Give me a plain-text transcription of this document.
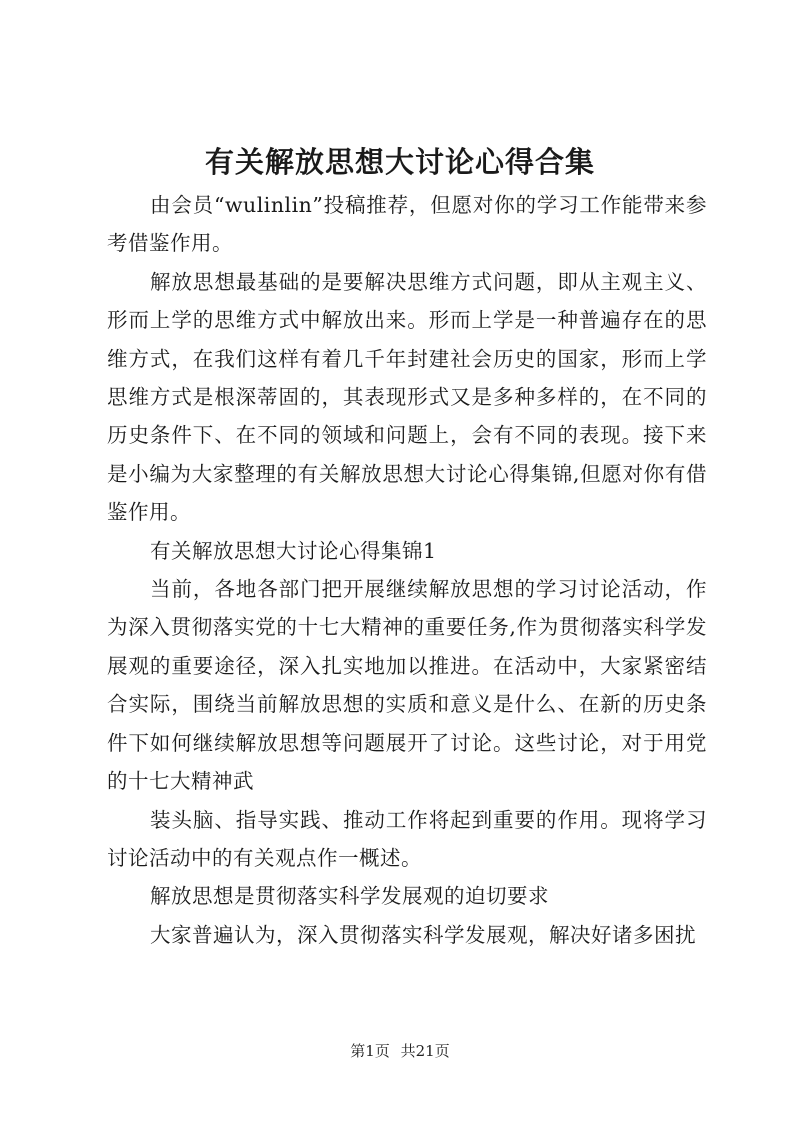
有关解放思想大讨论心得合集

由会员“wulinlin”投稿推荐，但愿对你的学习工作能带来参考借鉴作用。

解放思想最基础的是要解决思维方式问题，即从主观主义、形而上学的思维方式中解放出来。形而上学是一种普遍存在的思维方式，在我们这样有着几千年封建社会历史的国家，形而上学思维方式是根深蒂固的，其表现形式又是多种多样的，在不同的历史条件下、在不同的领域和问题上，会有不同的表现。接下来是小编为大家整理的有关解放思想大讨论心得集锦,但愿对你有借鉴作用。

有关解放思想大讨论心得集锦1

当前，各地各部门把开展继续解放思想的学习讨论活动，作为深入贯彻落实党的十七大精神的重要任务,作为贯彻落实科学发展观的重要途径，深入扎实地加以推进。在活动中，大家紧密结合实际，围绕当前解放思想的实质和意义是什么、在新的历史条件下如何继续解放思想等问题展开了讨论。这些讨论，对于用党的十七大精神武

装头脑、指导实践、推动工作将起到重要的作用。现将学习讨论活动中的有关观点作一概述。

解放思想是贯彻落实科学发展观的迫切要求

大家普遍认为，深入贯彻落实科学发展观，解决好诸多困扰

第1页 共21页
